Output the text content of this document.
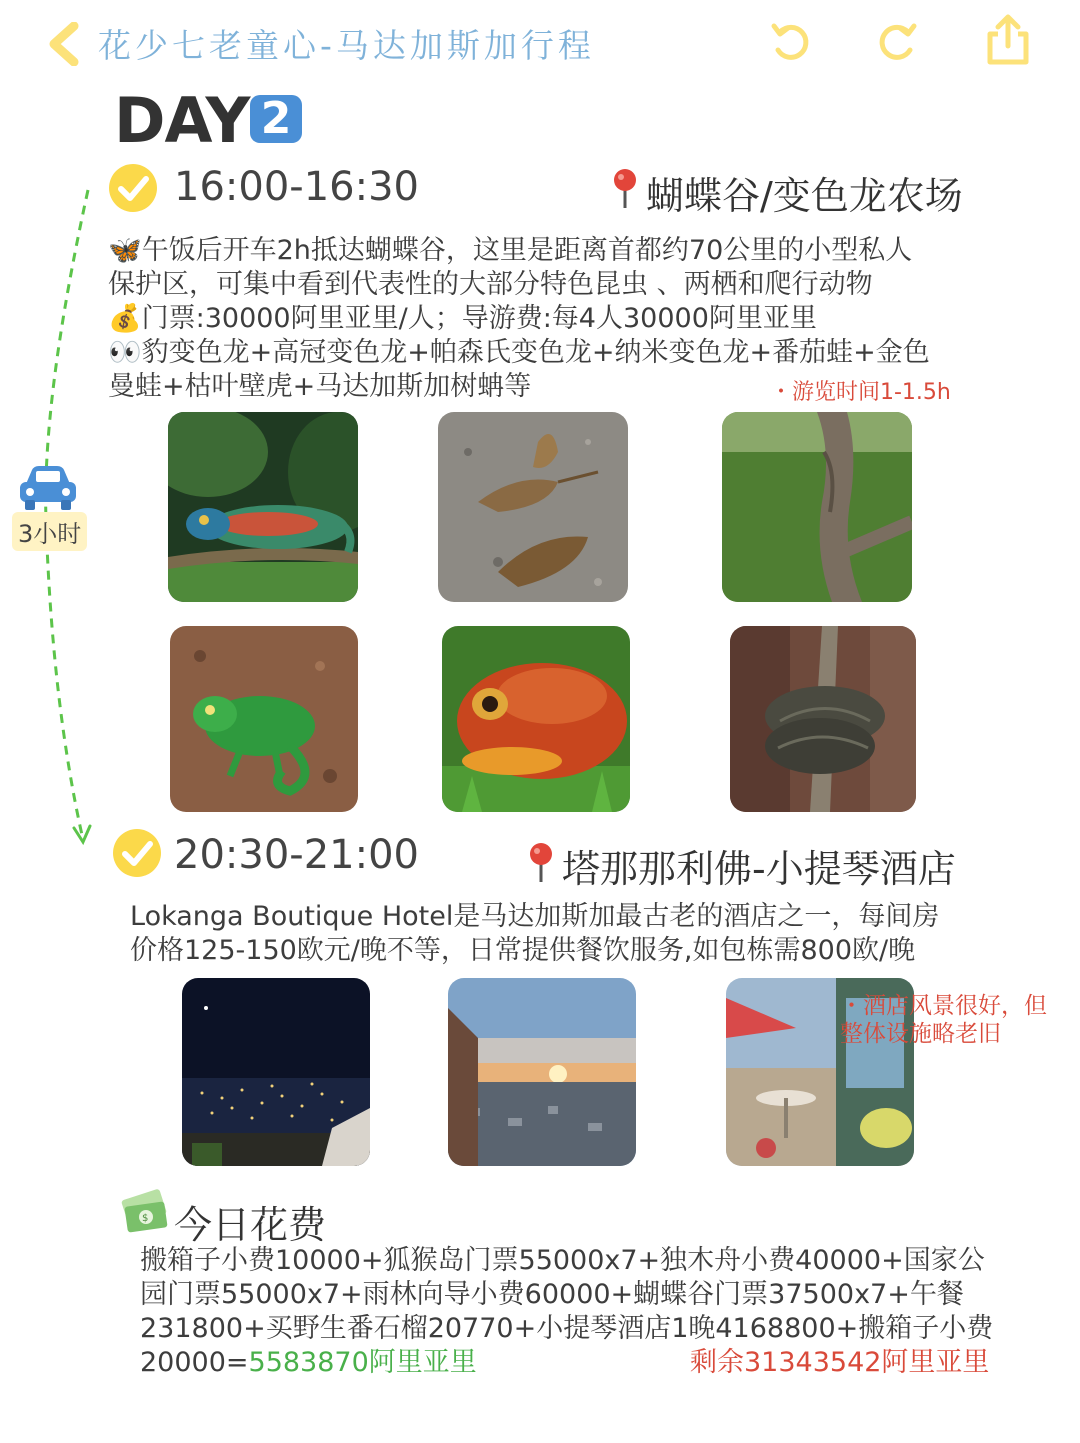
花少七老童心-马达加斯加行程
DAY 2
3小时
16:00-16:30	蝴蝶谷/变色龙农场
🦋午饭后开车2h抵达蝴蝶谷，这里是距离首都约70公里的小型私人
保护区，可集中看到代表性的大部分特色昆虫 、两栖和爬行动物
💰门票:30000阿里亚里/人；导游费:每4人30000阿里亚里
👀豹变色龙+高冠变色龙+帕森氏变色龙+纳米变色龙+番茄蛙+金色
曼蛙+枯叶壁虎+马达加斯加树蚺等	・游览时间1-1.5h
20:30-21:00	塔那那利佛-小提琴酒店
Lokanga Boutique Hotel是马达加斯加最古老的酒店之一，每间房
价格125-150欧元/晚不等，日常提供餐饮服务,如包栋需800欧/晚
・酒店风景很好，但
整体设施略老旧
$ 今日花费
搬箱子小费10000+狐猴岛门票55000x7+独木舟小费40000+国家公
园门票55000x7+雨林向导小费60000+蝴蝶谷门票37500x7+午餐
231800+买野生番石榴20770+小提琴酒店1晚4168800+搬箱子小费
20000=5583870阿里亚里	剩余31343542阿里亚里
